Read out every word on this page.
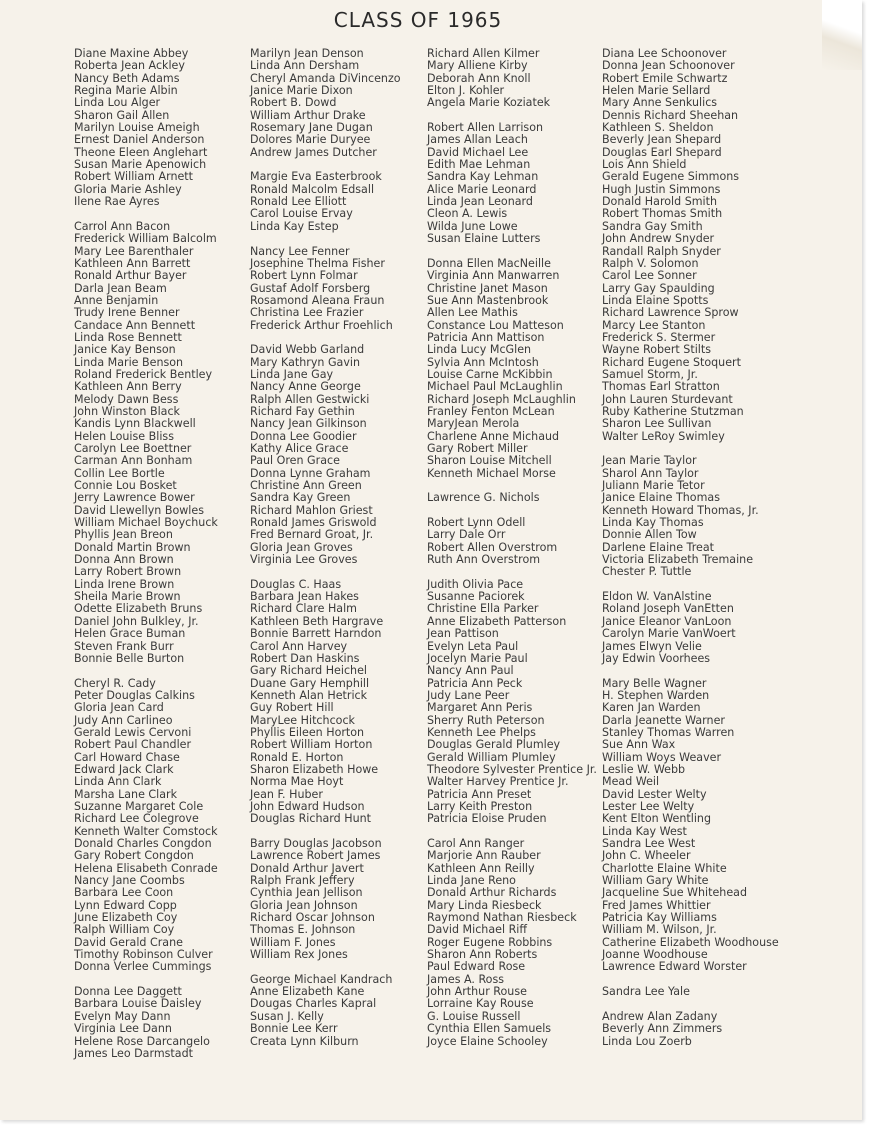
CLASS OF 1965
Diane Maxine Abbey
Roberta Jean Ackley
Nancy Beth Adams
Regina Marie Albin
Linda Lou Alger
Sharon Gail Allen
Marilyn Louise Ameigh
Ernest Daniel Anderson
Theone Eleen Anglehart
Susan Marie Apenowich
Robert William Arnett
Gloria Marie Ashley
Ilene Rae Ayres
Carrol Ann Bacon
Frederick William Balcolm
Mary Lee Barenthaler
Kathleen Ann Barrett
Ronald Arthur Bayer
Darla Jean Beam
Anne Benjamin
Trudy Irene Benner
Candace Ann Bennett
Linda Rose Bennett
Janice Kay Benson
Linda Marie Benson
Roland Frederick Bentley
Kathleen Ann Berry
Melody Dawn Bess
John Winston Black
Kandis Lynn Blackwell
Helen Louise Bliss
Carolyn Lee Boettner
Carman Ann Bonham
Collin Lee Bortle
Connie Lou Bosket
Jerry Lawrence Bower
David Llewellyn Bowles
William Michael Boychuck
Phyllis Jean Breon
Donald Martin Brown
Donna Ann Brown
Larry Robert Brown
Linda Irene Brown
Sheila Marie Brown
Odette Elizabeth Bruns
Daniel John Bulkley, Jr.
Helen Grace Buman
Steven Frank Burr
Bonnie Belle Burton
Cheryl R. Cady
Peter Douglas Calkins
Gloria Jean Card
Judy Ann Carlineo
Gerald Lewis Cervoni
Robert Paul Chandler
Carl Howard Chase
Edward Jack Clark
Linda Ann Clark
Marsha Lane Clark
Suzanne Margaret Cole
Richard Lee Colegrove
Kenneth Walter Comstock
Donald Charles Congdon
Gary Robert Congdon
Helena Elisabeth Conrade
Nancy Jane Coombs
Barbara Lee Coon
Lynn Edward Copp
June Elizabeth Coy
Ralph William Coy
David Gerald Crane
Timothy Robinson Culver
Donna Verlee Cummings
Donna Lee Daggett
Barbara Louise Daisley
Evelyn May Dann
Virginia Lee Dann
Helene Rose Darcangelo
James Leo Darmstadt
Marilyn Jean Denson
Linda Ann Dersham
Cheryl Amanda DiVincenzo
Janice Marie Dixon
Robert B. Dowd
William Arthur Drake
Rosemary Jane Dugan
Dolores Marie Duryee
Andrew James Dutcher
Margie Eva Easterbrook
Ronald Malcolm Edsall
Ronald Lee Elliott
Carol Louise Ervay
Linda Kay Estep
Nancy Lee Fenner
Josephine Thelma Fisher
Robert Lynn Folmar
Gustaf Adolf Forsberg
Rosamond Aleana Fraun
Christina Lee Frazier
Frederick Arthur Froehlich
David Webb Garland
Mary Kathryn Gavin
Linda Jane Gay
Nancy Anne George
Ralph Allen Gestwicki
Richard Fay Gethin
Nancy Jean Gilkinson
Donna Lee Goodier
Kathy Alice Grace
Paul Oren Grace
Donna Lynne Graham
Christine Ann Green
Sandra Kay Green
Richard Mahlon Griest
Ronald James Griswold
Fred Bernard Groat, Jr.
Gloria Jean Groves
Virginia Lee Groves
Douglas C. Haas
Barbara Jean Hakes
Richard Clare Halm
Kathleen Beth Hargrave
Bonnie Barrett Harndon
Carol Ann Harvey
Robert Dan Haskins
Gary Richard Heichel
Duane Gary Hemphill
Kenneth Alan Hetrick
Guy Robert Hill
MaryLee Hitchcock
Phyllis Eileen Horton
Robert William Horton
Ronald E. Horton
Sharon Elizabeth Howe
Norma Mae Hoyt
Jean F. Huber
John Edward Hudson
Douglas Richard Hunt
Barry Douglas Jacobson
Lawrence Robert James
Donald Arthur Javert
Ralph Frank Jeffery
Cynthia Jean Jellison
Gloria Jean Johnson
Richard Oscar Johnson
Thomas E. Johnson
William F. Jones
William Rex Jones
George Michael Kandrach
Anne Elizabeth Kane
Dougas Charles Kapral
Susan J. Kelly
Bonnie Lee Kerr
Creata Lynn Kilburn
Richard Allen Kilmer
Mary Alliene Kirby
Deborah Ann Knoll
Elton J. Kohler
Angela Marie Koziatek
Robert Allen Larrison
James Allan Leach
David Michael Lee
Edith Mae Lehman
Sandra Kay Lehman
Alice Marie Leonard
Linda Jean Leonard
Cleon A. Lewis
Wilda June Lowe
Susan Elaine Lutters
Donna Ellen MacNeille
Virginia Ann Manwarren
Christine Janet Mason
Sue Ann Mastenbrook
Allen Lee Mathis
Constance Lou Matteson
Patricia Ann Mattison
Linda Lucy McGlen
Sylvia Ann McIntosh
Louise Carne McKibbin
Michael Paul McLaughlin
Richard Joseph McLaughlin
Franley Fenton McLean
MaryJean Merola
Charlene Anne Michaud
Gary Robert Miller
Sharon Louise Mitchell
Kenneth Michael Morse
Lawrence G. Nichols
Robert Lynn Odell
Larry Dale Orr
Robert Allen Overstrom
Ruth Ann Overstrom
Judith Olivia Pace
Susanne Paciorek
Christine Ella Parker
Anne Elizabeth Patterson
Jean Pattison
Evelyn Leta Paul
Jocelyn Marie Paul
Nancy Ann Paul
Patricia Ann Peck
Judy Lane Peer
Margaret Ann Peris
Sherry Ruth Peterson
Kenneth Lee Phelps
Douglas Gerald Plumley
Gerald William Plumley
Theodore Sylvester Prentice Jr.
Walter Harvey Prentice Jr.
Patricia Ann Preset
Larry Keith Preston
Patricia Eloise Pruden
Carol Ann Ranger
Marjorie Ann Rauber
Kathleen Ann Reilly
Linda Jane Reno
Donald Arthur Richards
Mary Linda Riesbeck
Raymond Nathan Riesbeck
David Michael Riff
Roger Eugene Robbins
Sharon Ann Roberts
Paul Edward Rose
James A. Ross
John Arthur Rouse
Lorraine Kay Rouse
G. Louise Russell
Cynthia Ellen Samuels
Joyce Elaine Schooley
Diana Lee Schoonover
Donna Jean Schoonover
Robert Emile Schwartz
Helen Marie Sellard
Mary Anne Senkulics
Dennis Richard Sheehan
Kathleen S. Sheldon
Beverly Jean Shepard
Douglas Earl Shepard
Lois Ann Shield
Gerald Eugene Simmons
Hugh Justin Simmons
Donald Harold Smith
Robert Thomas Smith
Sandra Gay Smith
John Andrew Snyder
Randall Ralph Snyder
Ralph V. Solomon
Carol Lee Sonner
Larry Gay Spaulding
Linda Elaine Spotts
Richard Lawrence Sprow
Marcy Lee Stanton
Frederick S. Stermer
Wayne Robert Stilts
Richard Eugene Stoquert
Samuel Storm, Jr.
Thomas Earl Stratton
John Lauren Sturdevant
Ruby Katherine Stutzman
Sharon Lee Sullivan
Walter LeRoy Swimley
Jean Marie Taylor
Sharol Ann Taylor
Juliann Marie Tetor
Janice Elaine Thomas
Kenneth Howard Thomas, Jr.
Linda Kay Thomas
Donnie Allen Tow
Darlene Elaine Treat
Victoria Elizabeth Tremaine
Chester P. Tuttle
Eldon W. VanAlstine
Roland Joseph VanEtten
Janice Eleanor VanLoon
Carolyn Marie VanWoert
James Elwyn Velie
Jay Edwin Voorhees
Mary Belle Wagner
H. Stephen Warden
Karen Jan Warden
Darla Jeanette Warner
Stanley Thomas Warren
Sue Ann Wax
William Woys Weaver
Leslie W. Webb
Mead Weil
David Lester Welty
Lester Lee Welty
Kent Elton Wentling
Linda Kay West
Sandra Lee West
John C. Wheeler
Charlotte Elaine White
William Gary White
Jacqueline Sue Whitehead
Fred James Whittier
Patricia Kay Williams
William M. Wilson, Jr.
Catherine Elizabeth Woodhouse
Joanne Woodhouse
Lawrence Edward Worster
Sandra Lee Yale
Andrew Alan Zadany
Beverly Ann Zimmers
Linda Lou Zoerb
